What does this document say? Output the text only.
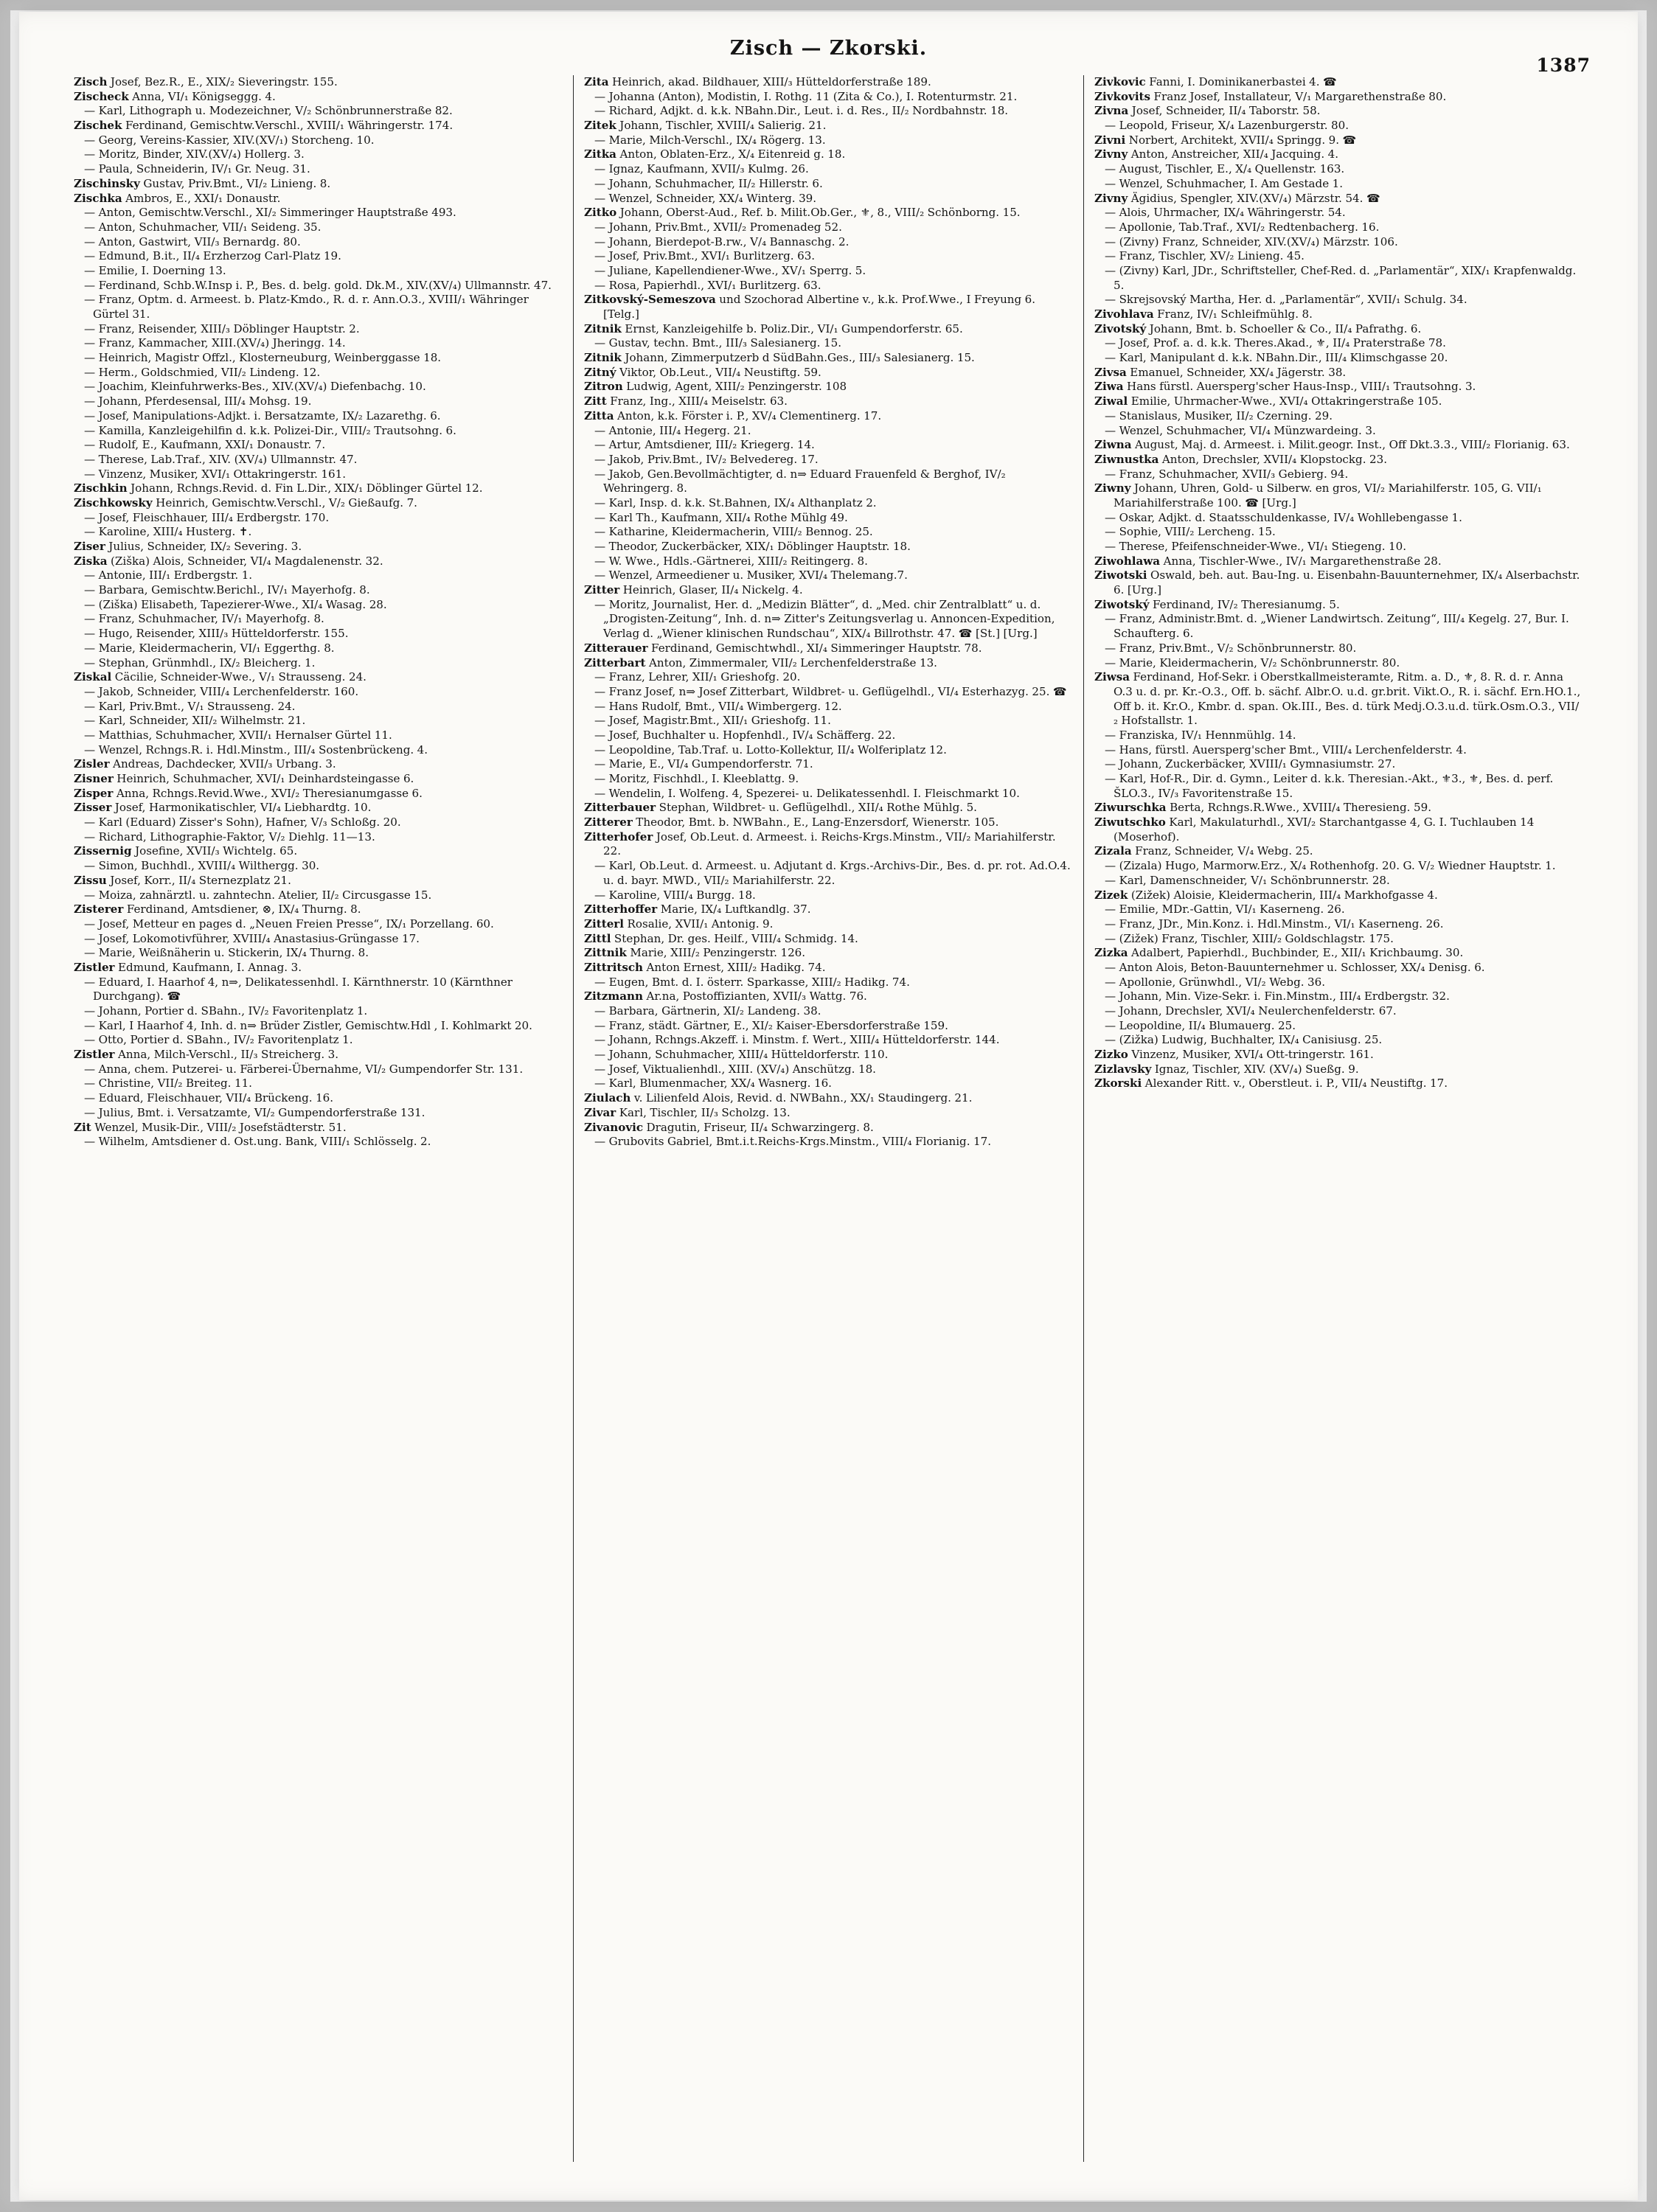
Zisch — Zkorski.
1387

Zisch Josef, Bez.R., E., XIX/₂ Sieveringstr. 155.

Zischeck Anna, VI/₁ Königseggg. 4.

— Karl, Lithograph u. Modezeichner, V/₂ Schönbrunnerstraße 82.

Zischek Ferdinand, Gemischtw.Verschl., XVIII/₁ Währingerstr. 174.

— Georg, Vereins-Kassier, XIV.(XV/₁) Storcheng. 10.

— Moritz, Binder, XIV.(XV/₄) Hollerg. 3.

— Paula, Schneiderin, IV/₁ Gr. Neug. 31.

Zischinsky Gustav, Priv.Bmt., VI/₂ Linieng. 8.

Zischka Ambros, E., XXI/₁ Donaustr.

— Anton, Gemischtw.Verschl., XI/₂ Simmeringer Hauptstraße 493.

— Anton, Schuhmacher, VII/₁ Seideng. 35.

— Anton, Gastwirt, VII/₃ Bernardg. 80.

— Edmund, B.it., II/₄ Erzherzog Carl-Platz 19.

— Emilie, I. Doerning 13.

— Ferdinand, Schb.W.Insp i. P., Bes. d. belg. gold. Dk.M., XIV.(XV/₄) Ullmannstr. 47.

— Franz, Optm. d. Armeest. b. Platz-Kmdo., R. d. r. Ann.O.3., XVIII/₁ Währinger Gürtel 31.

— Franz, Reisender, XIII/₃ Döblinger Hauptstr. 2.

— Franz, Kammacher, XIII.(XV/₄) Jheringg. 14.

— Heinrich, Magistr Offzl., Klosterneuburg, Weinberggasse 18.

— Herm., Goldschmied, VII/₂ Lindeng. 12.

— Joachim, Kleinfuhrwerks-Bes., XIV.(XV/₄) Diefenbachg. 10.

— Johann, Pferdesensal, III/₄ Mohsg. 19.

— Josef, Manipulations-Adjkt. i. Bersatzamte, IX/₂ Lazarethg. 6.

— Kamilla, Kanzleigehilfin d. k.k. Polizei-Dir., VIII/₂ Trautsohng. 6.

— Rudolf, E., Kaufmann, XXI/₁ Donaustr. 7.

— Therese, Lab.Traf., XIV. (XV/₄) Ullmannstr. 47.

— Vinzenz, Musiker, XVI/₁ Ottakringerstr. 161.

Zischkin Johann, Rchngs.Revid. d. Fin L.Dir., XIX/₁ Döblinger Gürtel 12.

Zischkowsky Heinrich, Gemischtw.Verschl., V/₂ Gießaufg. 7.

— Josef, Fleischhauer, III/₄ Erdbergstr. 170.

— Karoline, XIII/₄ Husterg. ✝.

Ziser Julius, Schneider, IX/₂ Severing. 3.

Ziska (Ziška) Alois, Schneider, VI/₄ Magdalenenstr. 32.

— Antonie, III/₁ Erdbergstr. 1.

— Barbara, Gemischtw.Berichl., IV/₁ Mayerhofg. 8.

— (Ziška) Elisabeth, Tapezierer-Wwe., XI/₄ Wasag. 28.

— Franz, Schuhmacher, IV/₁ Mayerhofg. 8.

— Hugo, Reisender, XIII/₃ Hütteldorferstr. 155.

— Marie, Kleidermacherin, VI/₁ Eggerthg. 8.

— Stephan, Grünmhdl., IX/₂ Bleicherg. 1.

Ziskal Cäcilie, Schneider-Wwe., V/₁ Strausseng. 24.

— Jakob, Schneider, VIII/₄ Lerchenfelderstr. 160.

— Karl, Priv.Bmt., V/₁ Strausseng. 24.

— Karl, Schneider, XII/₂ Wilhelmstr. 21.

— Matthias, Schuhmacher, XVII/₁ Hernalser Gürtel 11.

— Wenzel, Rchngs.R. i. Hdl.Minstm., III/₄ Sostenbrückeng. 4.

Zisler Andreas, Dachdecker, XVII/₃ Urbang. 3.

Zisner Heinrich, Schuhmacher, XVI/₁ Deinhardsteingasse 6.

Zisper Anna, Rchngs.Revid.Wwe., XVI/₂ Theresianumgasse 6.

Zisser Josef, Harmonikatischler, VI/₄ Liebhardtg. 10.

— Karl (Eduard) Zisser's Sohn), Hafner, V/₃ Schloßg. 20.

— Richard, Lithographie-Faktor, V/₂ Diehlg. 11—13.

Zissernig Josefine, XVII/₃ Wichtelg. 65.

— Simon, Buchhdl., XVIII/₄ Wilthergg. 30.

Zissu Josef, Korr., II/₄ Sternezplatz 21.

— Moiza, zahnärztl. u. zahntechn. Atelier, II/₂ Circusgasse 15.

Zisterer Ferdinand, Amtsdiener, ⊗, IX/₄ Thurng. 8.

— Josef, Metteur en pages d. „Neuen Freien Presse“, IX/₁ Porzellang. 60.

— Josef, Lokomotivführer, XVIII/₄ Anastasius-Grüngasse 17.

— Marie, Weißnäherin u. Stickerin, IX/₄ Thurng. 8.

Zistler Edmund, Kaufmann, I. Annag. 3.

— Eduard, I. Haarhof 4, n⇒, Delikatessenhdl. I. Kärnthnerstr. 10 (Kärnthner Durchgang). ☎

— Johann, Portier d. SBahn., IV/₂ Favoritenplatz 1.

— Karl, I Haarhof 4, Inh. d. n⇒ Brüder Zistler, Gemischtw.Hdl , I. Kohlmarkt 20.

— Otto, Portier d. SBahn., IV/₂ Favoritenplatz 1.

Zistler Anna, Milch-Verschl., II/₃ Streicherg. 3.

— Anna, chem. Putzerei- u. Färberei-Übernahme, VI/₂ Gumpendorfer Str. 131.

— Christine, VII/₂ Breiteg. 11.

— Eduard, Fleischhauer, VII/₄ Brückeng. 16.

— Julius, Bmt. i. Versatzamte, VI/₂ Gumpendorferstraße 131.

Zit Wenzel, Musik-Dir., VIII/₂ Josefstädterstr. 51.

— Wilhelm, Amtsdiener d. Ost.ung. Bank, VIII/₁ Schlösselg. 2.

Zita Heinrich, akad. Bildhauer, XIII/₃ Hütteldorferstraße 189.

— Johanna (Anton), Modistin, I. Rothg. 11 (Zita & Co.), I. Rotenturmstr. 21.

— Richard, Adjkt. d. k.k. NBahn.Dir., Leut. i. d. Res., II/₂ Nordbahnstr. 18.

Zitek Johann, Tischler, XVIII/₄ Salierig. 21.

— Marie, Milch-Verschl., IX/₄ Rögerg. 13.

Zitka Anton, Oblaten-Erz., X/₄ Eitenreid g. 18.

— Ignaz, Kaufmann, XVII/₃ Kulmg. 26.

— Johann, Schuhmacher, II/₂ Hillerstr. 6.

— Wenzel, Schneider, XX/₄ Winterg. 39.

Zitko Johann, Oberst-Aud., Ref. b. Milit.Ob.Ger., ⚜, 8., VIII/₂ Schönborng. 15.

— Johann, Priv.Bmt., XVII/₂ Promenadeg 52.

— Johann, Bierdepot-B.rw., V/₄ Bannaschg. 2.

— Josef, Priv.Bmt., XVI/₁ Burlitzerg. 63.

— Juliane, Kapellendiener-Wwe., XV/₁ Sperrg. 5.

— Rosa, Papierhdl., XVI/₁ Burlitzerg. 63.

Zitkovský-Semeszova und Szochorad Albertine v., k.k. Prof.Wwe., I Freyung 6. [Telg.]

Zitnik Ernst, Kanzleigehilfe b. Poliz.Dir., VI/₁ Gumpendorferstr. 65.

— Gustav, techn. Bmt., III/₃ Salesianerg. 15.

Zitnik Johann, Zimmerputzerb d SüdBahn.Ges., III/₃ Salesianerg. 15.

Zitný Viktor, Ob.Leut., VII/₄ Neustiftg. 59.

Zitron Ludwig, Agent, XIII/₂ Penzingerstr. 108

Zitt Franz, Ing., XIII/₄ Meiselstr. 63.

Zitta Anton, k.k. Förster i. P., XV/₄ Clementinerg. 17.

— Antonie, III/₄ Hegerg. 21.

— Artur, Amtsdiener, III/₂ Kriegerg. 14.

— Jakob, Priv.Bmt., IV/₂ Belvedereg. 17.

— Jakob, Gen.Bevollmächtigter, d. n⇒ Eduard Frauenfeld & Berghof, IV/₂ Wehringerg. 8.

— Karl, Insp. d. k.k. St.Bahnen, IX/₄ Althanplatz 2.

— Karl Th., Kaufmann, XII/₄ Rothe Mühlg 49.

— Katharine, Kleidermacherin, VIII/₂ Bennog. 25.

— Theodor, Zuckerbäcker, XIX/₁ Döblinger Hauptstr. 18.

— W. Wwe., Hdls.-Gärtnerei, XIII/₂ Reitingerg. 8.

— Wenzel, Armeediener u. Musiker, XVI/₄ Thelemang.7.

Zitter Heinrich, Glaser, II/₄ Nickelg. 4.

— Moritz, Journalist, Her. d. „Medizin Blätter“, d. „Med. chir Zentralblatt“ u. d. „Drogisten-Zeitung“, Inh. d. n⇒ Zitter's Zeitungsverlag u. Annoncen-Expedition, Verlag d. „Wiener klinischen Rundschau“, XIX/₄ Billrothstr. 47. ☎ [St.] [Urg.]

Zitterauer Ferdinand, Gemischtwhdl., XI/₄ Simmeringer Hauptstr. 78.

Zitterbart Anton, Zimmermaler, VII/₂ Lerchenfelderstraße 13.

— Franz, Lehrer, XII/₁ Grieshofg. 20.

— Franz Josef, n⇒ Josef Zitterbart, Wildbret- u. Geflügelhdl., VI/₄ Esterhazyg. 25. ☎

— Hans Rudolf, Bmt., VII/₄ Wimbergerg. 12.

— Josef, Magistr.Bmt., XII/₁ Grieshofg. 11.

— Josef, Buchhalter u. Hopfenhdl., IV/₄ Schäfferg. 22.

— Leopoldine, Tab.Traf. u. Lotto-Kollektur, II/₄ Wolferiplatz 12.

— Marie, E., VI/₄ Gumpendorferstr. 71.

— Moritz, Fischhdl., I. Kleeblattg. 9.

— Wendelin, I. Wolfeng. 4, Spezerei- u. Delikatessenhdl. I. Fleischmarkt 10.

Zitterbauer Stephan, Wildbret- u. Geflügelhdl., XII/₄ Rothe Mühlg. 5.

Zitterer Theodor, Bmt. b. NWBahn., E., Lang-Enzersdorf, Wienerstr. 105.

Zitterhofer Josef, Ob.Leut. d. Armeest. i. Reichs-Krgs.Minstm., VII/₂ Mariahilferstr. 22.

— Karl, Ob.Leut. d. Armeest. u. Adjutant d. Krgs.-Archivs-Dir., Bes. d. pr. rot. Ad.O.4. u. d. bayr. MWD., VII/₂ Mariahilferstr. 22.

— Karoline, VIII/₄ Burgg. 18.

Zitterhoffer Marie, IX/₄ Luftkandlg. 37.

Zitterl Rosalie, XVII/₁ Antonig. 9.

Zittl Stephan, Dr. ges. Heilf., VIII/₄ Schmidg. 14.

Zittnik Marie, XIII/₂ Penzingerstr. 126.

Zittritsch Anton Ernest, XIII/₂ Hadikg. 74.

— Eugen, Bmt. d. I. österr. Sparkasse, XIII/₂ Hadikg. 74.

Zitzmann Ar.na, Postoffizianten, XVII/₃ Wattg. 76.

— Barbara, Gärtnerin, XI/₂ Landeng. 38.

— Franz, städt. Gärtner, E., XI/₂ Kaiser-Ebersdorferstraße 159.

— Johann, Rchngs.Akzeff. i. Minstm. f. Wert., XIII/₄ Hütteldorferstr. 144.

— Johann, Schuhmacher, XIII/₄ Hütteldorferstr. 110.

— Josef, Viktualienhdl., XIII. (XV/₄) Anschützg. 18.

— Karl, Blumenmacher, XX/₄ Wasnerg. 16.

Ziulach v. Lilienfeld Alois, Revid. d. NWBahn., XX/₁ Staudingerg. 21.

Zivar Karl, Tischler, II/₃ Scholzg. 13.

Zivanovic Dragutin, Friseur, II/₄ Schwarzingerg. 8.

— Grubovits Gabriel, Bmt.i.t.Reichs-Krgs.Minstm., VIII/₄ Florianig. 17.

Zivkovic Fanni, I. Dominikanerbastei 4. ☎

Zivkovits Franz Josef, Installateur, V/₁ Margarethenstraße 80.

Zivna Josef, Schneider, II/₄ Taborstr. 58.

— Leopold, Friseur, X/₄ Lazenburgerstr. 80.

Zivni Norbert, Architekt, XVII/₄ Springg. 9. ☎

Zivny Anton, Anstreicher, XII/₄ Jacquing. 4.

— August, Tischler, E., X/₄ Quellenstr. 163.

— Wenzel, Schuhmacher, I. Am Gestade 1.

Zivny Ägidius, Spengler, XIV.(XV/₄) Märzstr. 54. ☎

— Alois, Uhrmacher, IX/₄ Währingerstr. 54.

— Apollonie, Tab.Traf., XVI/₂ Redtenbacherg. 16.

— (Zivny) Franz, Schneider, XIV.(XV/₄) Märzstr. 106.

— Franz, Tischler, XV/₂ Linieng. 45.

— (Zivny) Karl, JDr., Schriftsteller, Chef-Red. d. „Parlamentär“, XIX/₁ Krapfenwaldg. 5.

— Skrejsovský Martha, Her. d. „Parlamentär“, XVII/₁ Schulg. 34.

Zivohlava Franz, IV/₁ Schleifmühlg. 8.

Zivotský Johann, Bmt. b. Schoeller & Co., II/₄ Pafrathg. 6.

— Josef, Prof. a. d. k.k. Theres.Akad., ⚜, II/₄ Praterstraße 78.

— Karl, Manipulant d. k.k. NBahn.Dir., III/₄ Klimschgasse 20.

Zivsa Emanuel, Schneider, XX/₄ Jägerstr. 38.

Ziwa Hans fürstl. Auersperg'scher Haus-Insp., VIII/₁ Trautsohng. 3.

Ziwal Emilie, Uhrmacher-Wwe., XVI/₄ Ottakringerstraße 105.

— Stanislaus, Musiker, II/₂ Czerning. 29.

— Wenzel, Schuhmacher, VI/₄ Münzwardeing. 3.

Ziwna August, Maj. d. Armeest. i. Milit.geogr. Inst., Off Dkt.3.3., VIII/₂ Florianig. 63.

Ziwnustka Anton, Drechsler, XVII/₄ Klopstockg. 23.

— Franz, Schuhmacher, XVII/₃ Gebierg. 94.

Ziwny Johann, Uhren, Gold- u Silberw. en gros, VI/₂ Mariahilferstr. 105, G. VII/₁ Mariahilferstraße 100. ☎ [Urg.]

— Oskar, Adjkt. d. Staatsschuldenkasse, IV/₄ Wohllebengasse 1.

— Sophie, VIII/₂ Lercheng. 15.

— Therese, Pfeifenschneider-Wwe., VI/₁ Stiegeng. 10.

Ziwohlawa Anna, Tischler-Wwe., IV/₁ Margarethenstraße 28.

Ziwotski Oswald, beh. aut. Bau-Ing. u. Eisenbahn-Bauunternehmer, IX/₄ Alserbachstr. 6. [Urg.]

Ziwotský Ferdinand, IV/₂ Theresianumg. 5.

— Franz, Administr.Bmt. d. „Wiener Landwirtsch. Zeitung“, III/₄ Kegelg. 27, Bur. I. Schaufterg. 6.

— Franz, Priv.Bmt., V/₂ Schönbrunnerstr. 80.

— Marie, Kleidermacherin, V/₂ Schönbrunnerstr. 80.

Ziwsa Ferdinand, Hof-Sekr. i Oberstkallmeisteramte, Ritm. a. D., ⚜, 8. R. d. r. Anna O.3 u. d. pr. Kr.-O.3., Off. b. sächf. Albr.O. u.d. gr.brit. Vikt.O., R. i. sächf. Ern.HO.1., Off b. it. Kr.O., Kmbr. d. span. Ok.III., Bes. d. türk Medj.O.3.u.d. türk.Osm.O.3., VII/₂ Hofstallstr. 1.

— Franziska, IV/₁ Hennmühlg. 14.

— Hans, fürstl. Auersperg'scher Bmt., VIII/₄ Lerchenfelderstr. 4.

— Johann, Zuckerbäcker, XVIII/₁ Gymnasiumstr. 27.

— Karl, Hof-R., Dir. d. Gymn., Leiter d. k.k. Theresian.-Akt., ⚜3., ⚜, Bes. d. perf. ŠLO.3., IV/₃ Favoritenstraße 15.

Ziwurschka Berta, Rchngs.R.Wwe., XVIII/₄ Theresieng. 59.

Ziwutschko Karl, Makulaturhdl., XVI/₂ Starchantgasse 4, G. I. Tuchlauben 14 (Moserhof).

Zizala Franz, Schneider, V/₄ Webg. 25.

— (Zizala) Hugo, Marmorw.Erz., X/₄ Rothenhofg. 20. G. V/₂ Wiedner Hauptstr. 1.

— Karl, Damenschneider, V/₁ Schönbrunnerstr. 28.

Zizek (Zižek) Aloisie, Kleidermacherin, III/₄ Markhofgasse 4.

— Emilie, MDr.-Gattin, VI/₁ Kaserneng. 26.

— Franz, JDr., Min.Konz. i. Hdl.Minstm., VI/₁ Kaserneng. 26.

— (Zižek) Franz, Tischler, XIII/₂ Goldschlagstr. 175.

Zizka Adalbert, Papierhdl., Buchbinder, E., XII/₁ Krichbaumg. 30.

— Anton Alois, Beton-Bauunternehmer u. Schlosser, XX/₄ Denisg. 6.

— Apollonie, Grünwhdl., VI/₂ Webg. 36.

— Johann, Min. Vize-Sekr. i. Fin.Minstm., III/₄ Erdbergstr. 32.

— Johann, Drechsler, XVI/₄ Neulerchenfelderstr. 67.

— Leopoldine, II/₄ Blumauerg. 25.

— (Zižka) Ludwig, Buchhalter, IX/₄ Canisiusg. 25.

Zizko Vinzenz, Musiker, XVI/₄ Ott-tringerstr. 161.

Zizlavsky Ignaz, Tischler, XIV. (XV/₄) Sueßg. 9.

Zkorski Alexander Ritt. v., Oberstleut. i. P., VII/₄ Neustiftg. 17.
